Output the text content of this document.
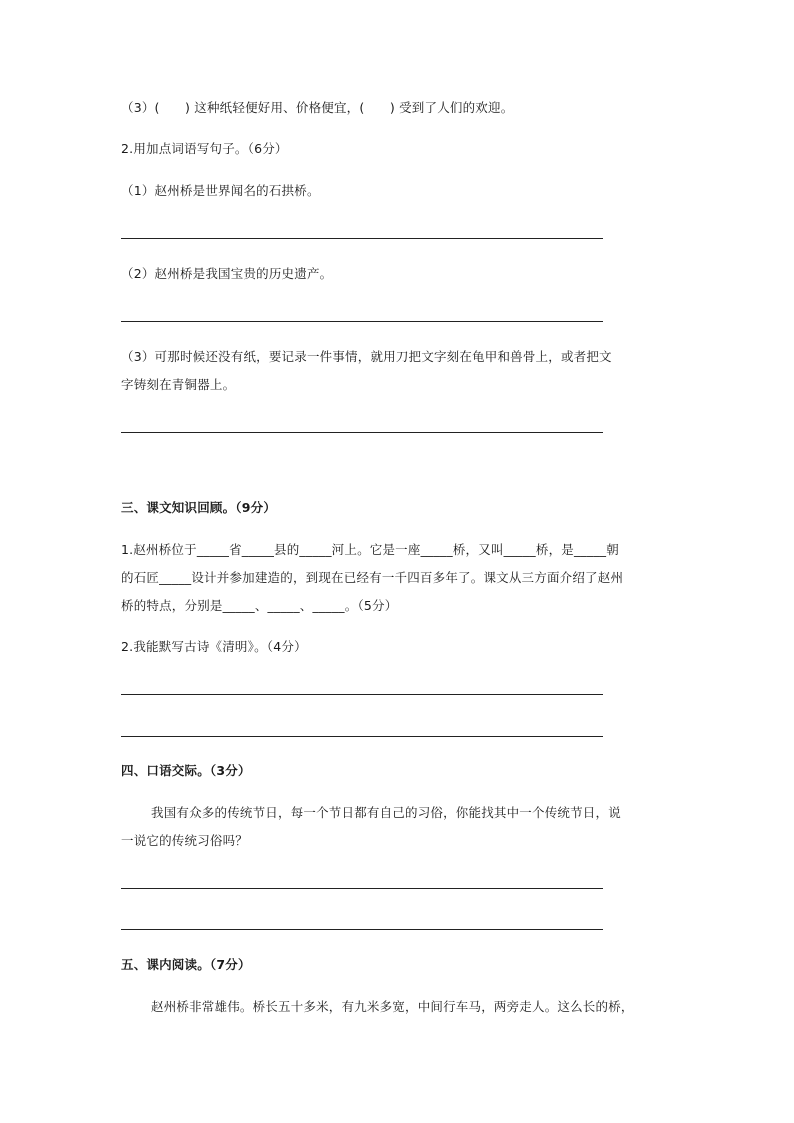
（3）(　　) 这种纸轻便好用、价格便宜，(　　) 受到了人们的欢迎。
2.用加点词语写句子。（6分）
（1）赵州桥是世界闻名的石拱桥。
（2）赵州桥是我国宝贵的历史遗产。
（3）可那时候还没有纸，要记录一件事情，就用刀把文字刻在龟甲和兽骨上，或者把文
字铸刻在青铜器上。
三、课文知识回顾。（9分）
1.赵州桥位于_____省_____县的_____河上。它是一座_____桥，又叫_____桥，是_____朝
的石匠_____设计并参加建造的，到现在已经有一千四百多年了。课文从三方面介绍了赵州
桥的特点，分别是_____、_____、_____。（5分）
2.我能默写古诗《清明》。（4分）
四、口语交际。（3分）
我国有众多的传统节日，每一个节日都有自己的习俗，你能找其中一个传统节日，说
一说它的传统习俗吗？
五、课内阅读。（7分）
赵州桥非常雄伟。桥长五十多米，有九米多宽，中间行车马，两旁走人。这么长的桥，
